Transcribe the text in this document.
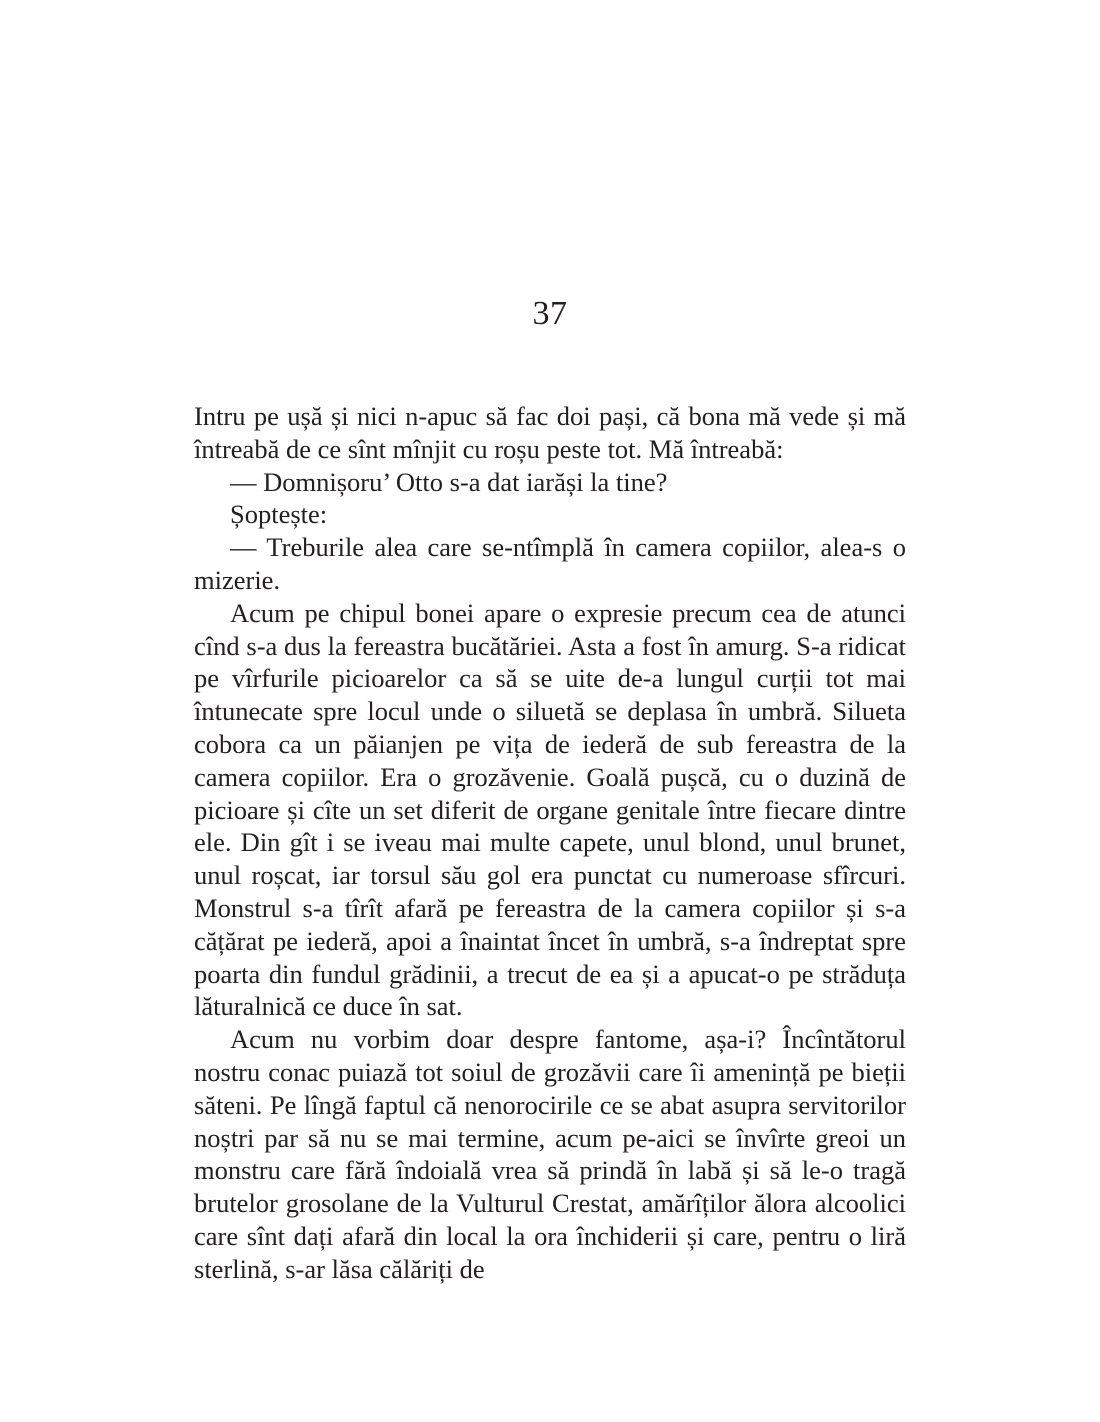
37

Intru pe ușă și nici n-apuc să fac doi pași, că bona mă vede și mă întreabă de ce sînt mînjit cu roșu peste tot. Mă întreabă:

— Domnișoru’ Otto s-a dat iarăși la tine?

Șoptește:

— Treburile alea care se-ntîmplă în camera copiilor, alea-s o mizerie.

Acum pe chipul bonei apare o expresie precum cea de atunci cînd s-a dus la fereastra bucătăriei. Asta a fost în amurg. S-a ridicat pe vîrfurile picioarelor ca să se uite de-a lungul curții tot mai întunecate spre locul unde o siluetă se deplasa în umbră. Silueta cobora ca un păianjen pe vița de iederă de sub fereastra de la camera copiilor. Era o grozăvenie. Goală pușcă, cu o duzină de picioare și cîte un set diferit de organe genitale între fiecare dintre ele. Din gît i se iveau mai multe capete, unul blond, unul brunet, unul roșcat, iar torsul său gol era punctat cu numeroase sfîrcuri. Monstrul s-a tîrît afară pe fereastra de la camera copiilor și s-a cățărat pe iederă, apoi a înaintat încet în umbră, s-a îndreptat spre poarta din fundul grădinii, a trecut de ea și a apucat-o pe străduța lăturalnică ce duce în sat.

Acum nu vorbim doar despre fantome, așa-i? Încîntătorul nostru conac puiază tot soiul de grozăvii care îi amenință pe bieții săteni. Pe lîngă faptul că nenorocirile ce se abat asupra servitorilor noștri par să nu se mai termine, acum pe-aici se învîrte greoi un monstru care fără îndoială vrea să prindă în labă și să le-o tragă brutelor grosolane de la Vulturul Crestat, amărîților ălora alcoolici care sînt dați afară din local la ora închiderii și care, pentru o liră sterlină, s-ar lăsa călăriți de
